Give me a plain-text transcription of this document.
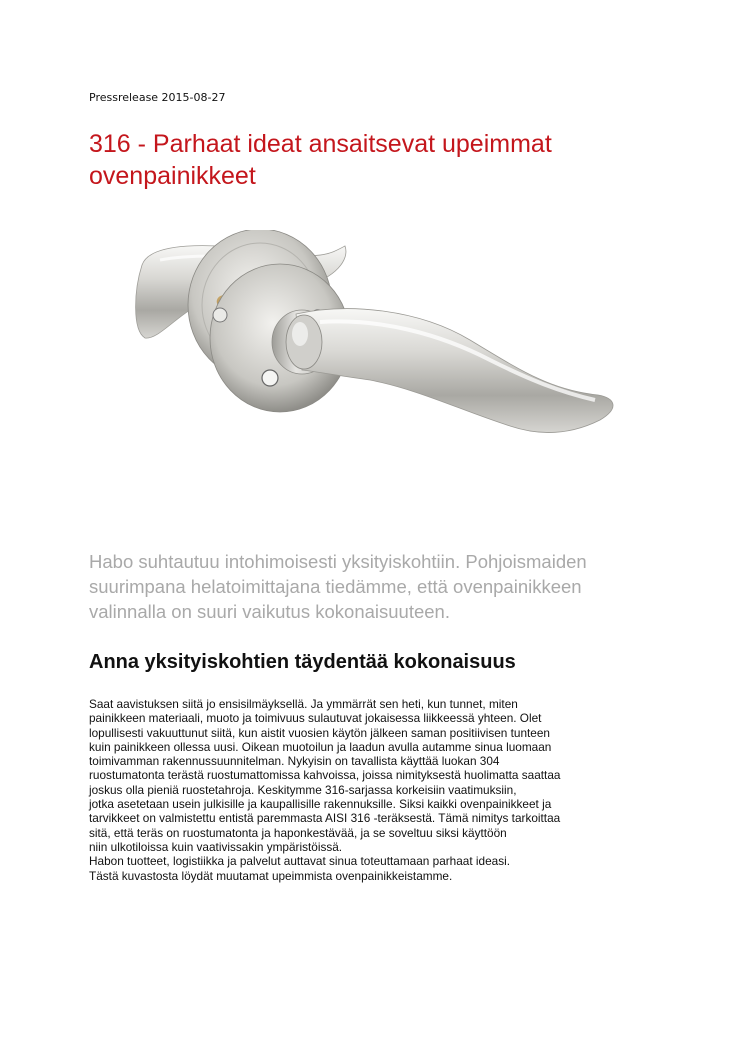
Pressrelease 2015-08-27
316 - Parhaat ideat ansaitsevat upeimmat
ovenpainikkeet

Habo suhtautuu intohimoisesti yksityiskohtiin. Pohjoismaiden
suurimpana helatoimittajana tiedämme, että ovenpainikkeen
valinnalla on suuri vaikutus kokonaisuuteen.

Anna yksityiskohtien täydentää kokonaisuus
Saat aavistuksen siitä jo ensisilmäyksellä. Ja ymmärrät sen heti, kun tunnet, miten
painikkeen materiaali, muoto ja toimivuus sulautuvat jokaisessa liikkeessä yhteen. Olet
lopullisesti vakuuttunut siitä, kun aistit vuosien käytön jälkeen saman positiivisen tunteen
kuin painikkeen ollessa uusi. Oikean muotoilun ja laadun avulla autamme sinua luomaan
toimivamman rakennussuunnitelman. Nykyisin on tavallista käyttää luokan 304
ruostumatonta terästä ruostumattomissa kahvoissa, joissa nimityksestä huolimatta saattaa
joskus olla pieniä ruostetahroja. Keskitymme 316-sarjassa korkeisiin vaatimuksiin,
jotka asetetaan usein julkisille ja kaupallisille rakennuksille. Siksi kaikki ovenpainikkeet ja
tarvikkeet on valmistettu entistä paremmasta AISI 316 -teräksestä. Tämä nimitys tarkoittaa
sitä, että teräs on ruostumatonta ja haponkestävää, ja se soveltuu siksi käyttöön
niin ulkotiloissa kuin vaativissakin ympäristöissä.
Habon tuotteet, logistiikka ja palvelut auttavat sinua toteuttamaan parhaat ideasi.
Tästä kuvastosta löydät muutamat upeimmista ovenpainikkeistamme.
